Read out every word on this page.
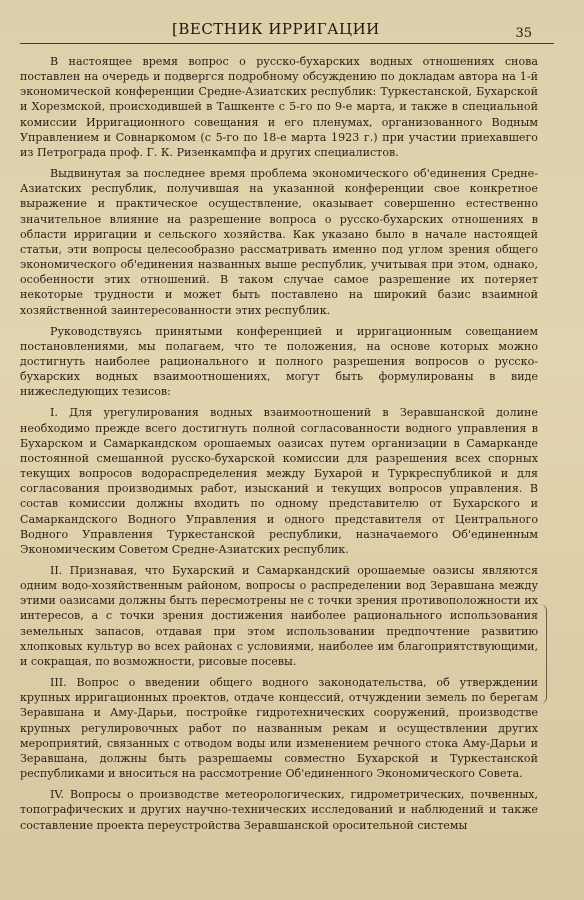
[ВЕСТНИК ИРРИГАЦИИ	35

В настоящее время вопрос о русско-бухарских водных отношениях снова поставлен на очередь и подвергся подробному обсуждению по докладам автора на 1-й экономической конференции Средне-Азиатских республик: Туркестанской, Бухарской и Хорезмской, происходившей в Ташкенте с 5-го по 9-е марта, и также в специальной комиссии Ирригационного совещания и его пленумах, организованного Водным Управлением и Совнаркомом (с 5-го по 18-е марта 1923 г.) при участии приехавшего из Петрограда проф. Г. К. Ризенкампфа и других специалистов.

Выдвинутая за последнее время проблема экономического об'единения Средне-Азиатских республик, получившая на указанной конференции свое конкретное выражение и практическое осуществление, оказывает совершенно естественно значительное влияние на разрешение вопроса о русско-бухарских отношениях в области ирригации и сельского хозяйства. Как указано было в начале настоящей статьи, эти вопросы целесообразно рассматривать именно под углом зрения общего экономического об'единения названных выше республик, учитывая при этом, однако, особенности этих отношений. В таком случае самое разрешение их потеряет некоторые трудности и может быть поставлено на широкий базис взаимной хозяйственной заинтересованности этих республик.

Руководствуясь принятыми конференцией и ирригационным совещанием постановлениями, мы полагаем, что те положения, на основе которых можно достигнуть наиболее рационального и полного разрешения вопросов о русско-бухарских водных взаимоотношениях, могут быть формулированы в виде нижеследующих тезисов:

I. Для урегулирования водных взаимоотношений в Зеравшанской долине необходимо прежде всего достигнуть полной согласованности водного управления в Бухарском и Самаркандском орошаемых оазисах путем организации в Самарканде постоянной смешанной русско-бухарской комиссии для разрешения всех спорных текущих вопросов водораспределения между Бухарой и Туркреспубликой и для согласования производимых работ, изысканий и текущих вопросов управления. В состав комиссии должны входить по одному представителю от Бухарского и Самаркандского Водного Управления и одного представителя от Центрального Водного Управления Туркестанской республики, назначаемого Об'единенным Экономическим Советом Средне-Азиатских республик.

II. Признавая, что Бухарский и Самаркандский орошаемые оазисы являются одним водо-хозяйственным районом, вопросы о распределении вод Зеравшана между этими оазисами должны быть пересмотрены не с точки зрения противоположности их интересов, а с точки зрения достижения наиболее рационального использования земельных запасов, отдавая при этом использовании предпочтение развитию хлопковых культур во всех районах с условиями, наиболее им благоприятствующими, и сокращая, по возможности, рисовые посевы.

III. Вопрос о введении общего водного законодательства, об утверждении крупных ирригационных проектов, отдаче концессий, отчуждении земель по берегам Зеравшана и Аму-Дарьи, постройке гидротехнических сооружений, производстве крупных регулировочных работ по названным рекам и осуществлении других мероприятий, связанных с отводом воды или изменением речного стока Аму-Дарьи и Зеравшана, должны быть разрешаемы совместно Бухарской и Туркестанской республиками и вноситься на рассмотрение Об'единенного Экономического Совета.

IV. Вопросы о производстве метеорологических, гидрометрических, почвенных, топографических и других научно-технических исследований и наблюдений и также составление проекта переустройства Зеравшанской оросительной системы
